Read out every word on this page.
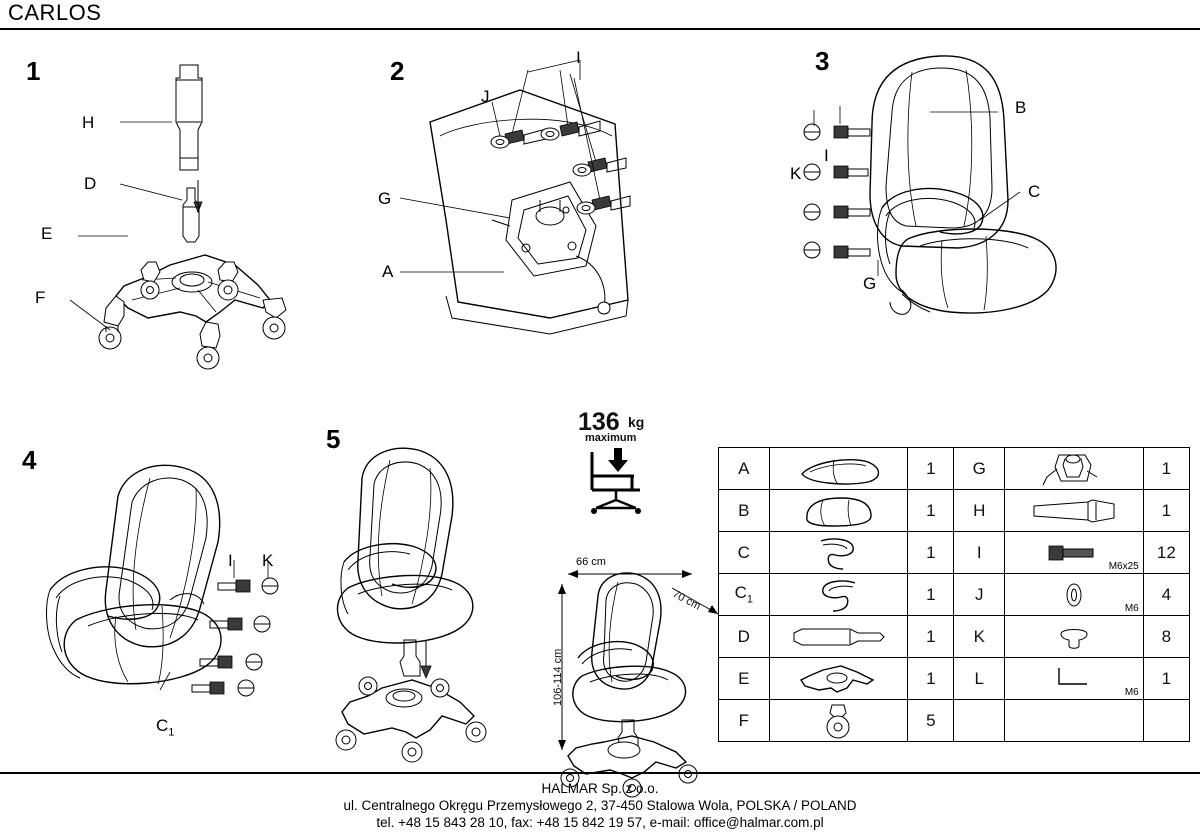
CARLOS
1
H
D
E
F
2	I
J
G
A
3
B
C
K
I
G
4
I K
$C_1$
5
136 kg
maximum
66 cm
70 cm
106-114 cm
A		1	G		1
B		1	H		1
C		1	I	M6x25	12
$C_1$		1	J	M6	4
D		1	K		8
E		1	L	M6	1
F		5		

HALMAR Sp. z o.o.
ul. Centralnego Okręgu Przemysłowego 2, 37-450 Stalowa Wola, POLSKA / POLAND
tel. +48 15 843 28 10, fax: +48 15 842 19 57, e-mail: office@halmar.com.pl
